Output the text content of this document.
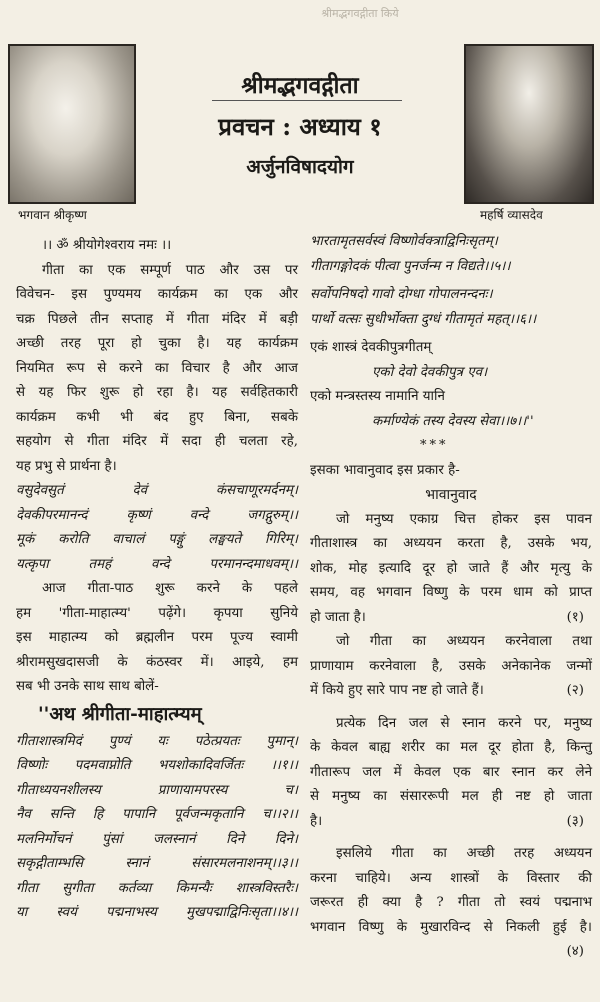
श्रीमद्भगवद्गीता किये
भगवान श्रीकृष्ण	महर्षि व्यासदेव
श्रीमद्भगवद्गीता
प्रवचन : अध्याय १
अर्जुनविषादयोग
।। ॐ श्रीयोगेश्वराय नमः ।।
गीता का एक सम्पूर्ण पाठ और उस पर
विवेचन- इस पुण्यमय कार्यक्रम का एक और
चक्र पिछले तीन सप्ताह में गीता मंदिर में बड़ी
अच्छी तरह पूरा हो चुका है। यह कार्यक्रम
नियमित रूप से करने का विचार है और आज
से यह फिर शुरू हो रहा है। यह सर्वहितकारी
कार्यक्रम कभी भी बंद हुए बिना, सबके
सहयोग से गीता मंदिर में सदा ही चलता रहे,
यह प्रभु से प्रार्थना है।
वसुदेवसुतं देवं कंसचाणूरमर्दनम्।
देवकीपरमानन्दं कृष्णं वन्दे जगद्गुरुम्।।
मूकं करोति वाचालं पङ्गुं लङ्घयते गिरिम्।
यत्कृपा तमहं वन्दे परमानन्दमाधवम्।।
आज गीता-पाठ शुरू करने के पहले
हम 'गीता-माहात्म्य' पढ़ेंगे। कृपया सुनिये
इस माहात्म्य को ब्रह्मलीन परम पूज्य स्वामी
श्रीरामसुखदासजी के कंठस्वर में। आइये, हम
सब भी उनके साथ साथ बोलें-
''अथ श्रीगीता-माहात्म्यम्
गीताशास्त्रमिदं पुण्यं यः पठेत्प्रयतः पुमान्।
विष्णोः पदमवाप्नोति भयशोकादिवर्जितः ।।१।।
गीताध्ययनशीलस्य प्राणायामपरस्य च।
नैव सन्ति हि पापानि पूर्वजन्मकृतानि च।।२।।
मलनिर्मोचनं पुंसां जलस्नानं दिने दिने।
सकृद्गीताम्भसि स्नानं संसारमलनाशनम्।।३।।
गीता सुगीता कर्तव्या किमन्यैः शास्त्रविस्तरैः।
या स्वयं पद्मनाभस्य मुखपद्माद्विनिःसृता।।४।।
भारतामृतसर्वस्वं विष्णोर्वक्त्राद्विनिःसृतम्।
गीतागङ्गोदकं पीत्वा पुनर्जन्म न विद्यते।।५।।
सर्वोपनिषदो गावो दोग्धा गोपालनन्दनः।
पार्थो वत्सः सुधीर्भोक्ता दुग्धं गीतामृतं महत्।।६।।
एकं शास्त्रं देवकीपुत्रगीतम्
एको देवो देवकीपुत्र एव।
एको मन्त्रस्तस्य नामानि यानि
कर्माण्येकं तस्य देवस्य सेवा।।७।।''
***
इसका भावानुवाद इस प्रकार है-
भावानुवाद
जो मनुष्य एकाग्र चित्त होकर इस पावन
गीताशास्त्र का अध्ययन करता है, उसके भय,
शोक, मोह इत्यादि दूर हो जाते हैं और मृत्यु के
समय, वह भगवान विष्णु के परम धाम को प्राप्त
हो जाता है।	(१)
जो गीता का अध्ययन करनेवाला तथा
प्राणायाम करनेवाला है, उसके अनेकानेक जन्मों
में किये हुए सारे पाप नष्ट हो जाते हैं।	(२)
प्रत्येक दिन जल से स्नान करने पर, मनुष्य
के केवल बाह्य शरीर का मल दूर होता है, किन्तु
गीतारूप जल में केवल एक बार स्नान कर लेने
से मनुष्य का संसाररूपी मल ही नष्ट हो जाता
है।	(३)
इसलिये गीता का अच्छी तरह अध्ययन
करना चाहिये। अन्य शास्त्रों के विस्तार की
जरूरत ही क्या है ? गीता तो स्वयं पद्मनाभ
भगवान विष्णु के मुखारविन्द से निकली हुई है।
(४)
